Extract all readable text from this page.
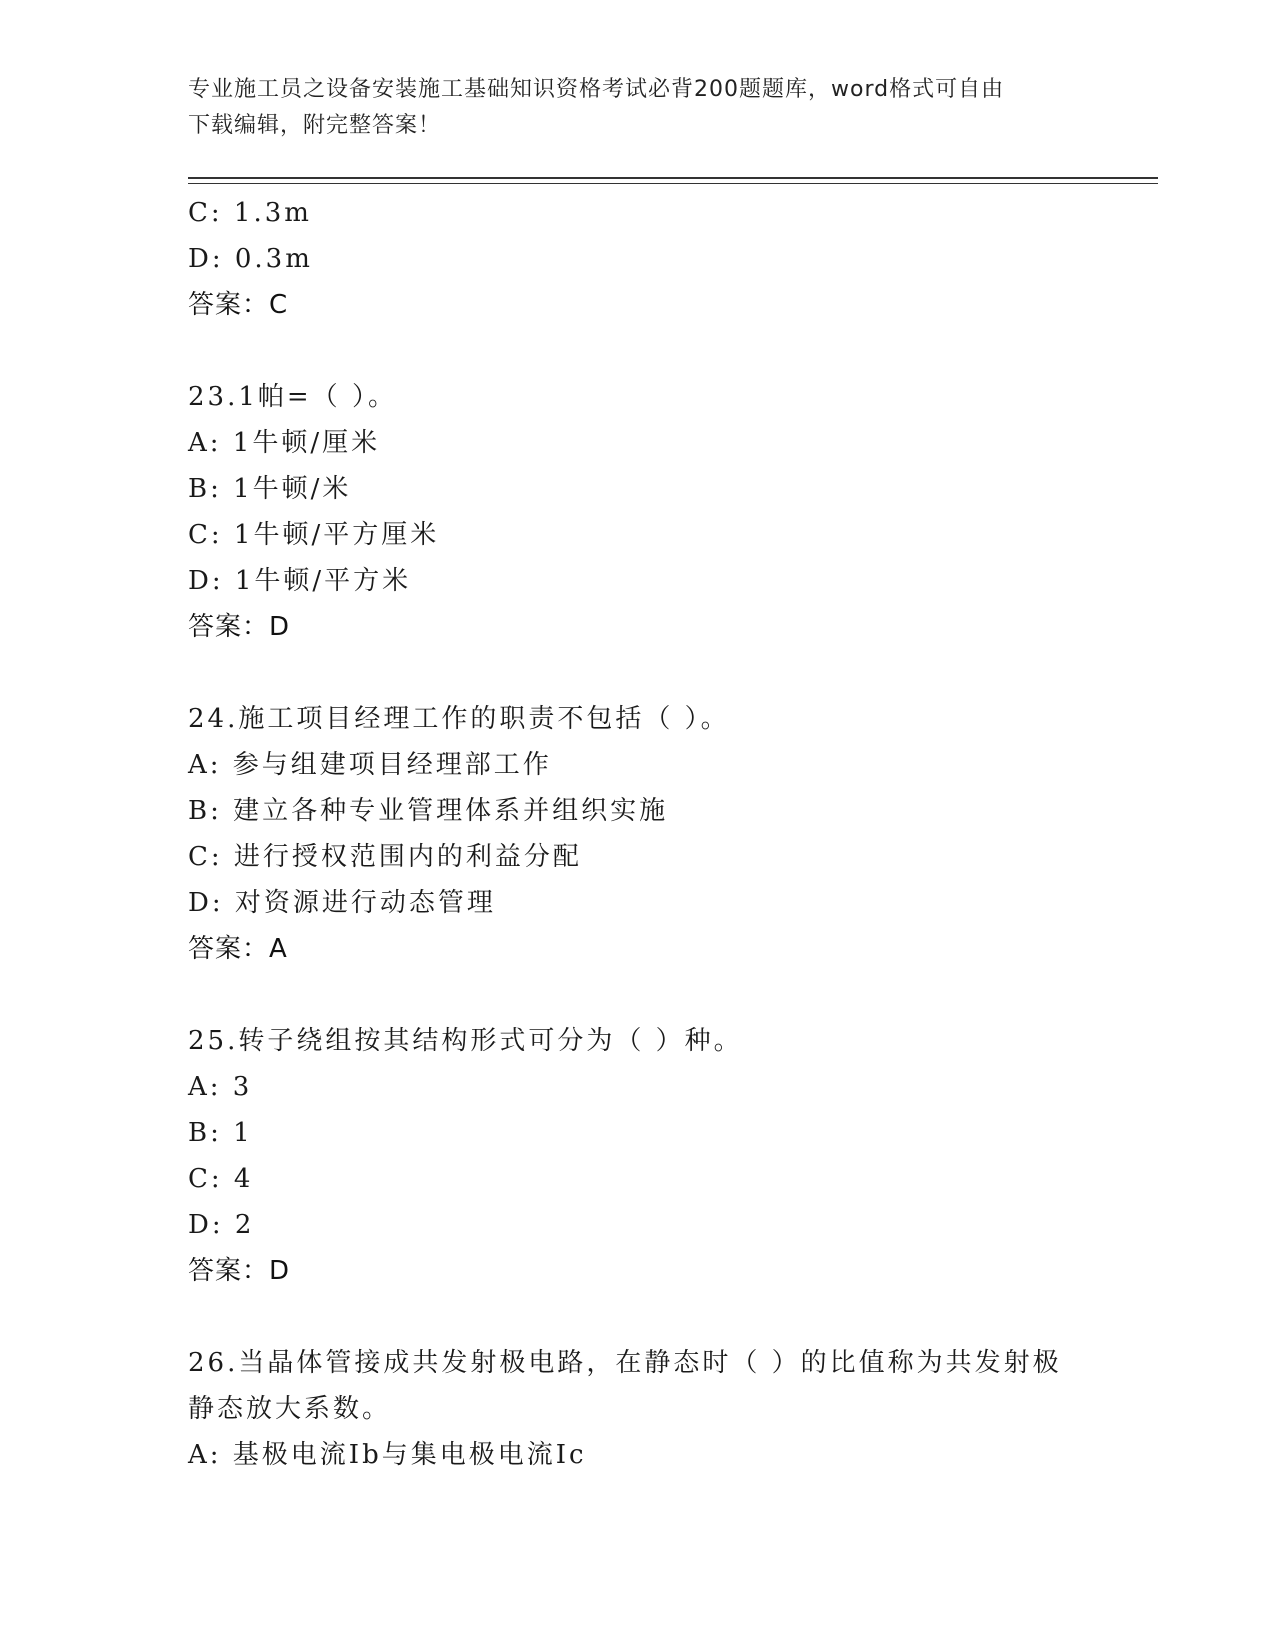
专业施工员之设备安装施工基础知识资格考试必背200题题库，word格式可自由
下载编辑，附完整答案！
C: 1.3m
D: 0.3m
答案：C
23.1帕=（ ）。
A: 1牛顿/厘米
B: 1牛顿/米
C: 1牛顿/平方厘米
D: 1牛顿/平方米
答案：D
24.施工项目经理工作的职责不包括（ ）。
A: 参与组建项目经理部工作
B: 建立各种专业管理体系并组织实施
C: 进行授权范围内的利益分配
D: 对资源进行动态管理
答案：A
25.转子绕组按其结构形式可分为（ ）种。
A: 3
B: 1
C: 4
D: 2
答案：D
26.当晶体管接成共发射极电路，在静态时（ ）的比值称为共发射极
静态放大系数。
A: 基极电流Ib与集电极电流Ic
